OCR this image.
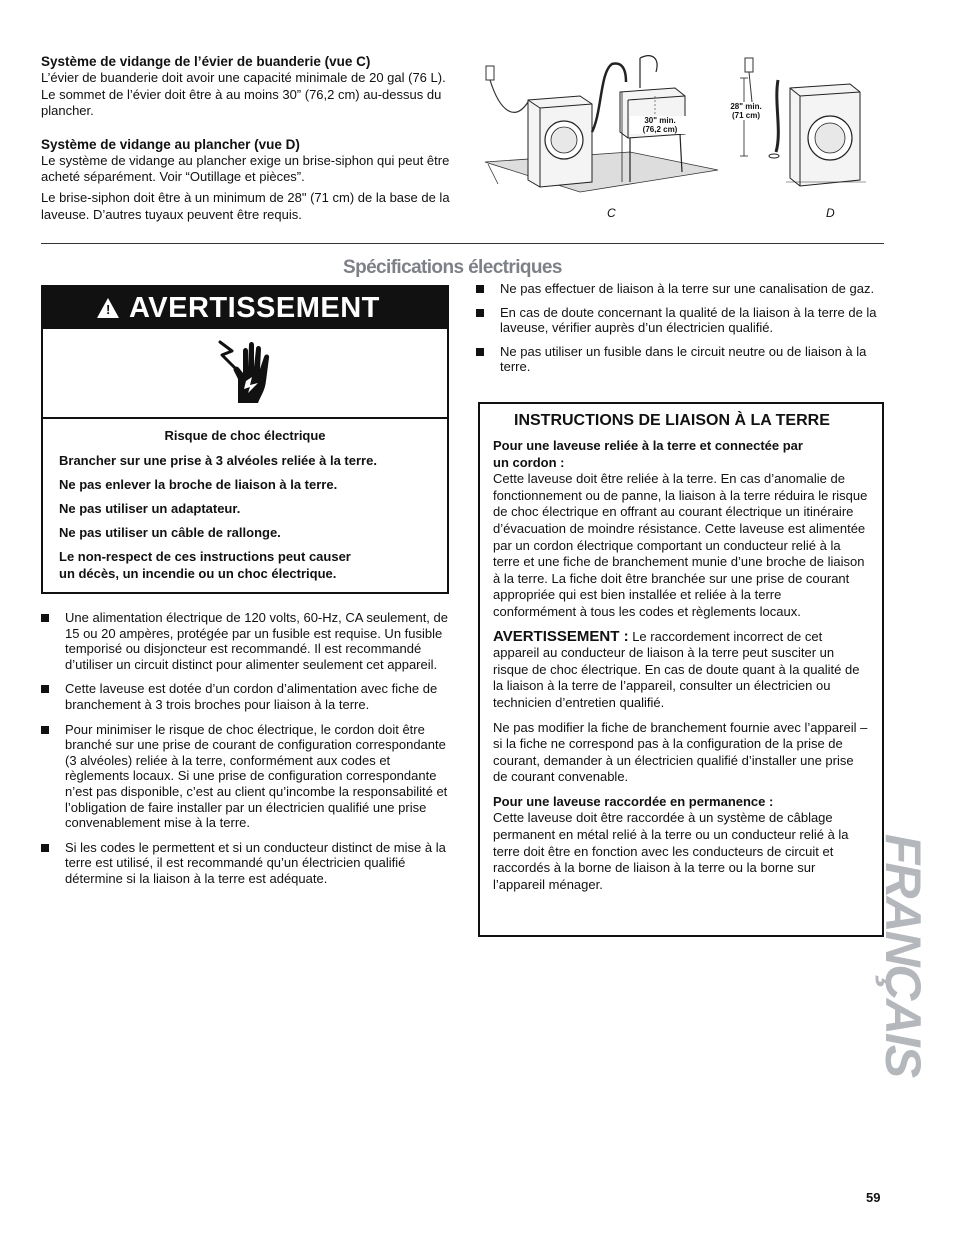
Système de vidange de l’évier de buanderie (vue C)

L’évier de buanderie doit avoir une capacité minimale de 20 gal (76 L). Le sommet de l’évier doit être à au moins 30” (76,2 cm) au-dessus du plancher.

Système de vidange au plancher (vue D)

Le système de vidange au plancher exige un brise-siphon qui peut être acheté séparément. Voir “Outillage et pièces”.

Le brise-siphon doit être à un minimum de 28" (71 cm) de la base de la laveuse. D’autres tuyaux peuvent être requis.

30" min.
(76,2 cm)
C
28" min.
(71 cm)
D
Spécifications électriques
! AVERTISSEMENT

Risque de choc électrique

Brancher sur une prise à 3 alvéoles reliée à la terre.

Ne pas enlever la broche de liaison à la terre.

Ne pas utiliser un adaptateur.

Ne pas utiliser un câble de rallonge.

Le non-respect de ces instructions peut causer

un décès, un incendie ou un choc électrique.

Une alimentation électrique de 120 volts, 60-Hz, CA seulement, de 15 ou 20 ampères, protégée par un fusible est requise. Un fusible temporisé ou disjoncteur est recommandé. Il est recommandé d’utiliser un circuit distinct pour alimenter seulement cet appareil.
Cette laveuse est dotée d’un cordon d’alimentation avec fiche de branchement à 3 trois broches pour liaison à la terre.
Pour minimiser le risque de choc électrique, le cordon doit être branché sur une prise de courant de configuration correspondante (3 alvéoles) reliée à la terre, conformément aux codes et règlements locaux. Si une prise de configuration correspondante n’est pas disponible, c’est au client qu’incombe la responsabilité et l’obligation de faire installer par un électricien qualifié une prise convenablement mise à la terre.
Si les codes le permettent et si un conducteur distinct de mise à la terre est utilisé, il est recommandé qu’un électricien qualifié détermine si la liaison à la terre est adéquate.
Ne pas effectuer de liaison à la terre sur une canalisation de gaz.
En cas de doute concernant la qualité de la liaison à la terre de la laveuse, vérifier auprès d’un électricien qualifié.
Ne pas utiliser un fusible dans le circuit neutre ou de liaison à la terre.
INSTRUCTIONS DE LIAISON À LA TERRE

Pour une laveuse reliée à la terre et connectée par

un cordon :

Cette laveuse doit être reliée à la terre. En cas d’anomalie de fonctionnement ou de panne, la liaison à la terre réduira le risque de choc électrique en offrant au courant électrique un itinéraire d’évacuation de moindre résistance. Cette laveuse est alimentée par un cordon électrique comportant un conducteur relié à la terre et une fiche de branchement munie d’une broche de liaison à la terre. La fiche doit être branchée sur une prise de courant appropriée qui est bien installée et reliée à la terre conformément à tous les codes et règlements locaux.

AVERTISSEMENT : Le raccordement incorrect de cet appareil au conducteur de liaison à la terre peut susciter un risque de choc électrique. En cas de doute quant à la qualité de la liaison à la terre de l’appareil, consulter un électricien ou technicien d’entretien qualifié.

Ne pas modifier la fiche de branchement fournie avec l’appareil – si la fiche ne correspond pas à la configuration de la prise de courant, demander à un électricien qualifié d’installer une prise de courant convenable.

Pour une laveuse raccordée en permanence :

Cette laveuse doit être raccordée à un système de câblage permanent en métal relié à la terre ou un conducteur relié à la terre doit être en fonction avec les conducteurs de circuit et raccordés à la borne de liaison à la terre ou la borne sur l’appareil ménager.	FRANÇAIS
59
